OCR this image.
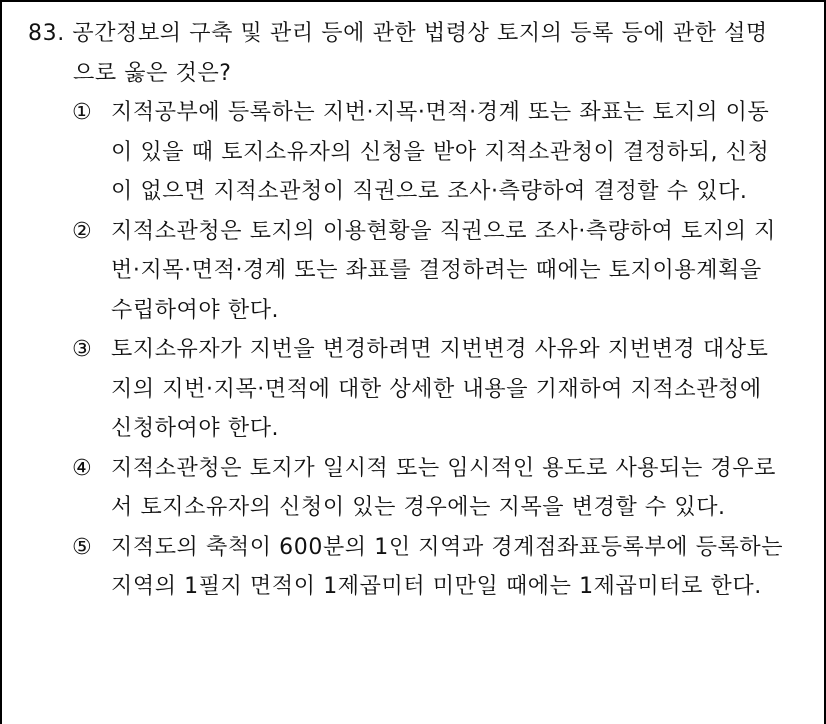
83. 공간정보의 구축 및 관리 등에 관한 법령상 토지의 등록 등에 관한 설명으로 옳은 것은?

① 지적공부에 등록하는 지번·지목·면적·경계 또는 좌표는 토지의 이동이 있을 때 토지소유자의 신청을 받아 지적소관청이 결정하되, 신청이 없으면 지적소관청이 직권으로 조사·측량하여 결정할 수 있다.
② 지적소관청은 토지의 이용현황을 직권으로 조사·측량하여 토지의 지번·지목·면적·경계 또는 좌표를 결정하려는 때에는 토지이용계획을 수립하여야 한다.
③ 토지소유자가 지번을 변경하려면 지번변경 사유와 지번변경 대상토지의 지번·지목·면적에 대한 상세한 내용을 기재하여 지적소관청에 신청하여야 한다.
④ 지적소관청은 토지가 일시적 또는 임시적인 용도로 사용되는 경우로서 토지소유자의 신청이 있는 경우에는 지목을 변경할 수 있다.
⑤ 지적도의 축척이 600분의 1인 지역과 경계점좌표등록부에 등록하는 지역의 1필지 면적이 1제곱미터 미만일 때에는 1제곱미터로 한다.
